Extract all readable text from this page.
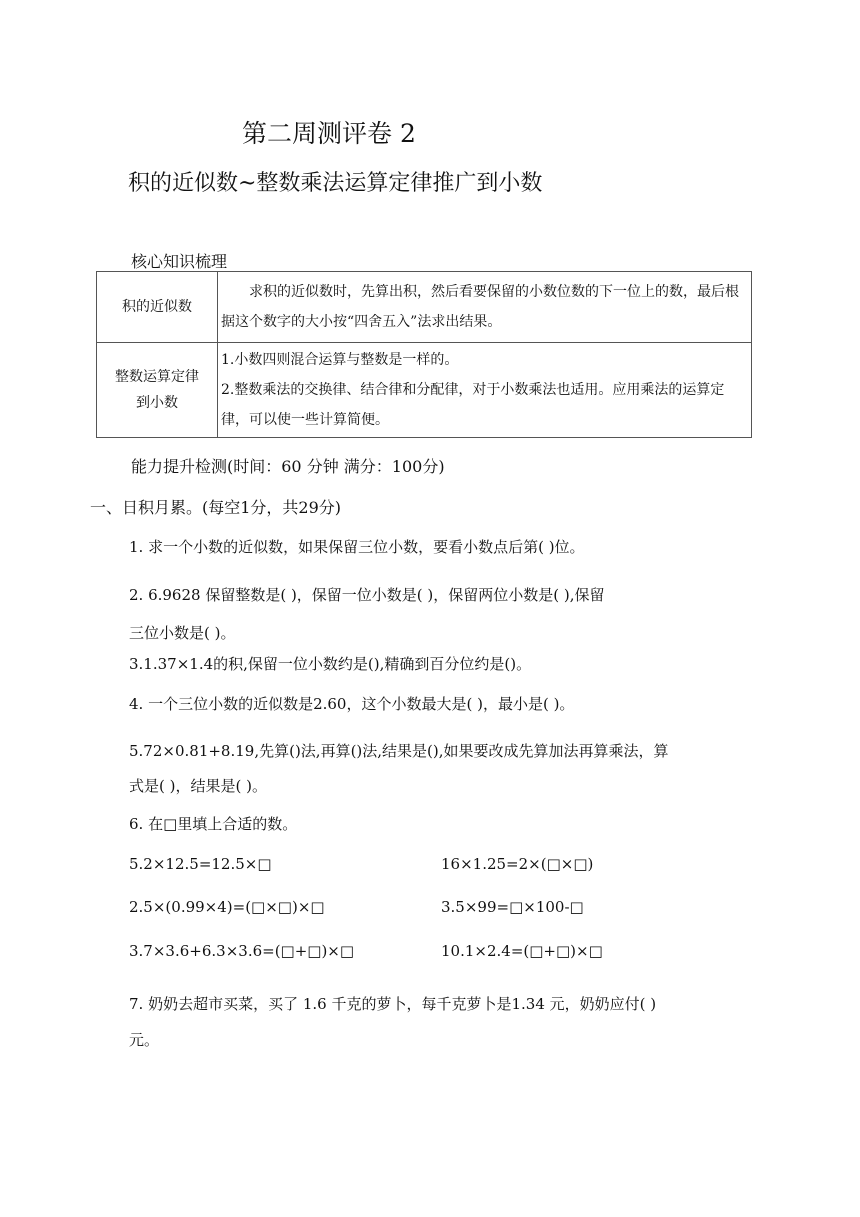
第二周测评卷 2
积的近似数~整数乘法运算定律推广到小数
核心知识梳理
积的近似数	求积的近似数时，先算出积，然后看要保留的小数位数的下一位上的数，最后根据这个数字的大小按“四舍五入”法求出结果。

整数运算定律到小数	1.小数四则混合运算与整数是一样的。
2.整数乘法的交换律、结合律和分配律，对于小数乘法也适用。应用乘法的运算定律，可以使一些计算简便。
能力提升检测(时间：60 分钟 满分：100分)
一、日积月累。(每空1分，共29分)
1. 求一个小数的近似数，如果保留三位小数，要看小数点后第( )位。
2. 6.9628 保留整数是( )，保留一位小数是( )，保留两位小数是( ),保留
三位小数是( )。
3.1.37×1.4的积,保留一位小数约是(),精确到百分位约是()。
4. 一个三位小数的近似数是2.60，这个小数最大是( )，最小是( )。
5.72×0.81+8.19,先算()法,再算()法,结果是(),如果要改成先算加法再算乘法，算
式是( )，结果是( )。
6. 在□里填上合适的数。
5.2×12.5=12.5×□	16×1.25=2×(□×□)
2.5×(0.99×4)=(□×□)×□	3.5×99=□×100-□
3.7×3.6+6.3×3.6=(□+□)×□	10.1×2.4=(□+□)×□
7. 奶奶去超市买菜，买了 1.6 千克的萝卜，每千克萝卜是1.34 元，奶奶应付( )
元。
